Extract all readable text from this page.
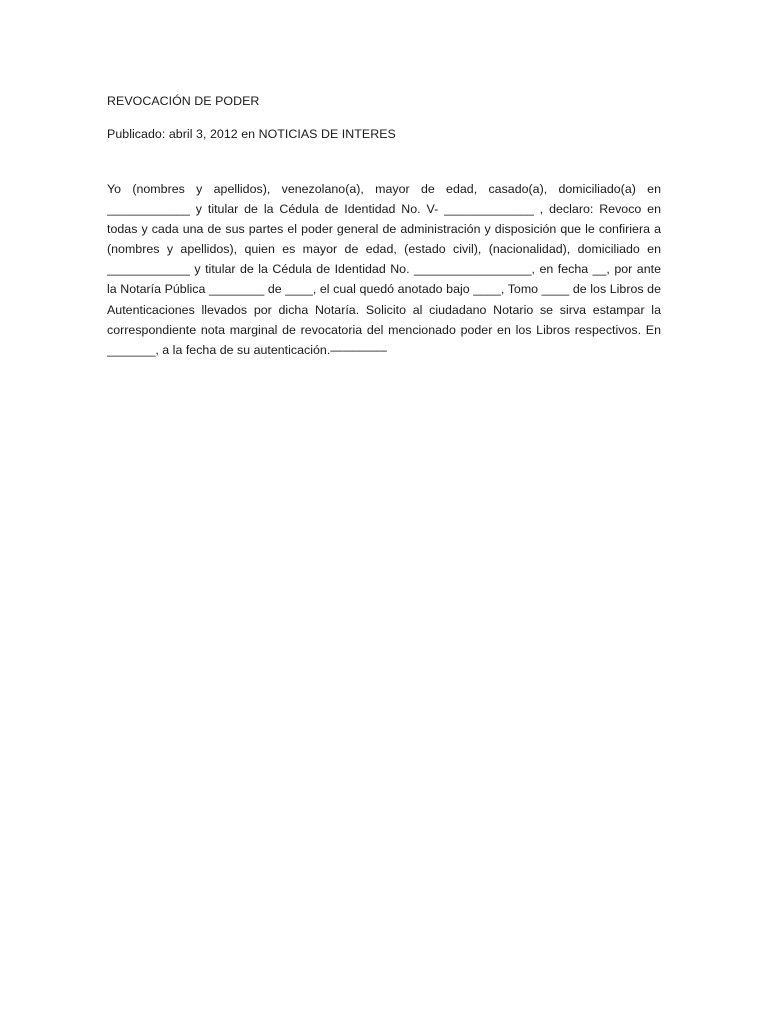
REVOCACIÓN DE PODER

Publicado: abril 3, 2012 en NOTICIAS DE INTERES

Yo (nombres y apellidos), venezolano(a), mayor de edad, casado(a), domiciliado(a) en
____________ y titular de la Cédula de Identidad No. V- _____________ , declaro: Revoco en
todas y cada una de sus partes el poder general de administración y disposición que le confiriera a
(nombres y apellidos), quien es mayor de edad, (estado civil), (nacionalidad), domiciliado en
____________ y titular de la Cédula de Identidad No. _________________, en fecha __, por ante
la Notaría Pública ________ de ____, el cual quedó anotado bajo ____, Tomo ____ de los Libros de
Autenticaciones llevados por dicha Notaría. Solicito al ciudadano Notario se sirva estampar la
correspondiente nota marginal de revocatoria del mencionado poder en los Libros respectivos. En
_______, a la fecha de su autenticación.————–
